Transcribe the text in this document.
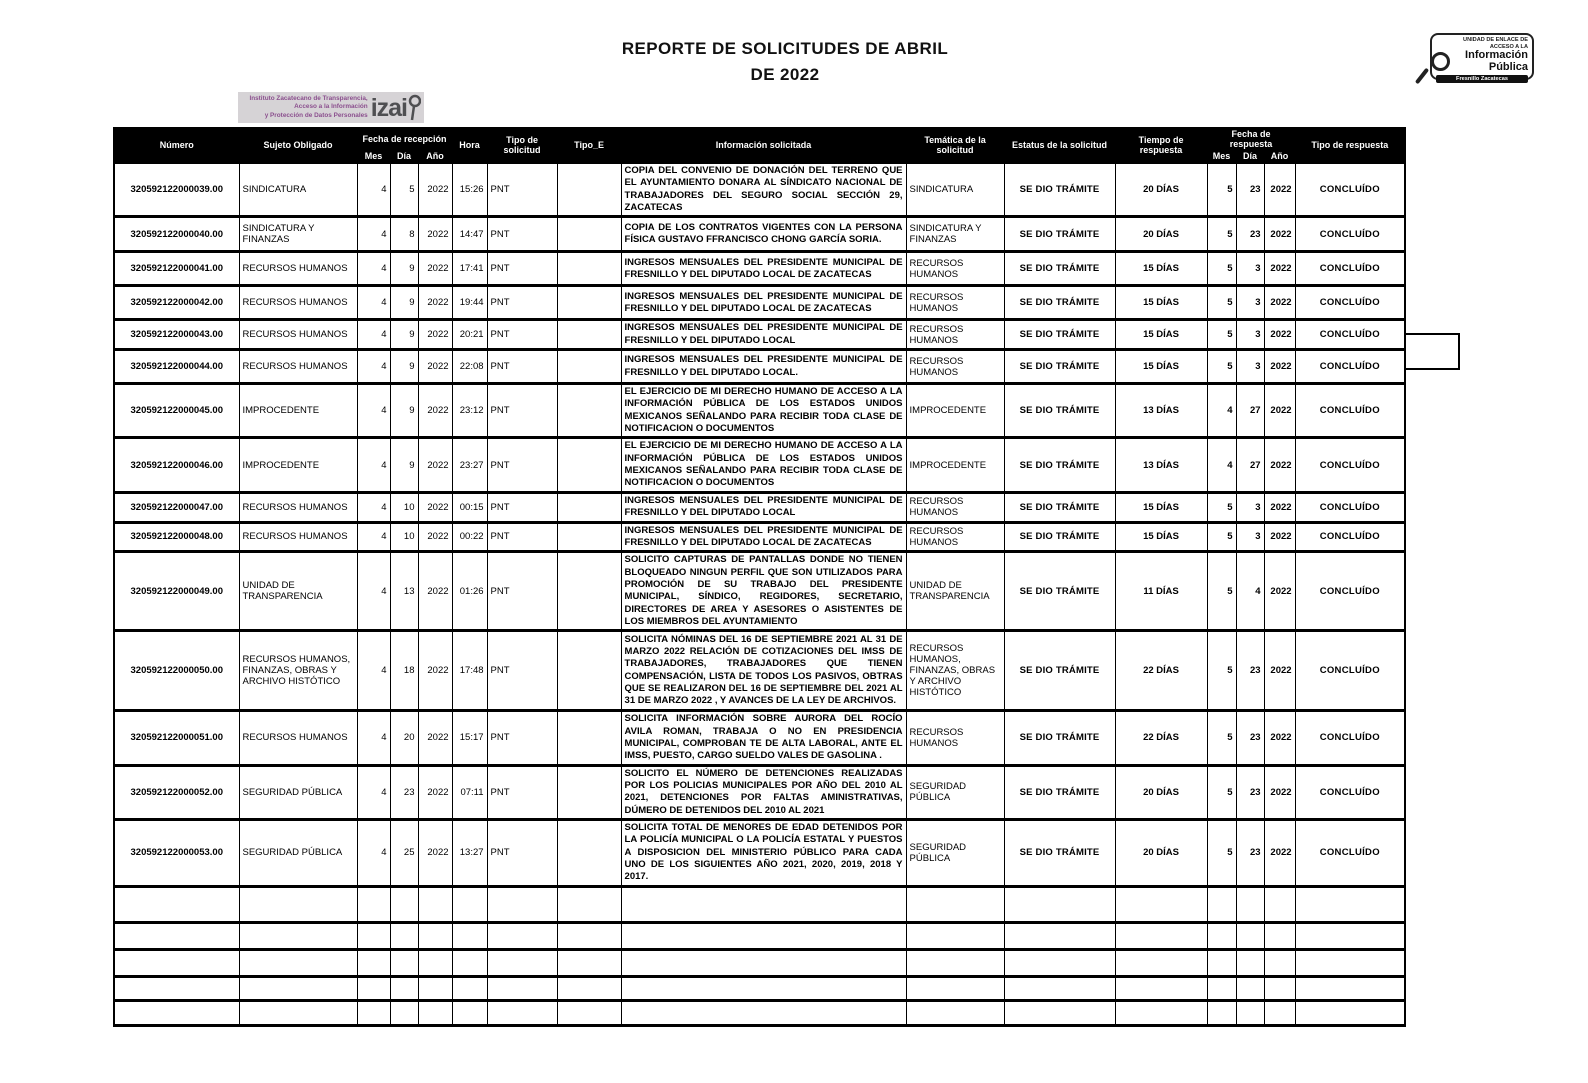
REPORTE DE SOLICITUDES DE ABRIL
DE 2022
UNIDAD DE ENLACE DE
ACCESO A LA
Información
Pública
Fresnillo Zacatecas
Instituto Zacatecano de Transparencia,
Acceso a la Información
y Protección de Datos Personales izai
Número	Sujeto Obligado	Fecha de recepción			Hora	Tipo de solicitud	Tipo_E	Información solicitada	Temática de la solicitud	Estatus de la solicitud	Tiempo de respuesta	Fecha de respuesta			Tipo de respuesta
		Mes	Día	Año								Mes	Día	Año	
320592122000039.00	SINDICATURA	4	5	2022	15:26	PNT		COPIA DEL CONVENIO DE DONACIÓN DEL TERRENO QUE EL AYUNTAMIENTO DONARA AL SÍNDICATO NACIONAL DE TRABAJADORES DEL SEGURO SOCIAL SECCIÓN 29, ZACATECAS	SINDICATURA	SE DIO TRÁMITE	20 DÍAS	5	23	2022	CONCLUÍDO
320592122000040.00	SINDICATURA Y FINANZAS	4	8	2022	14:47	PNT		COPIA DE LOS CONTRATOS VIGENTES CON LA PERSONA FÍSICA GUSTAVO FFRANCISCO CHONG GARCÍA SORIA.	SINDICATURA Y FINANZAS	SE DIO TRÁMITE	20 DÍAS	5	23	2022	CONCLUÍDO
320592122000041.00	RECURSOS HUMANOS	4	9	2022	17:41	PNT		INGRESOS MENSUALES DEL PRESIDENTE MUNICIPAL DE FRESNILLO Y DEL DIPUTADO LOCAL DE ZACATECAS	RECURSOS HUMANOS	SE DIO TRÁMITE	15 DÍAS	5	3	2022	CONCLUÍDO
320592122000042.00	RECURSOS HUMANOS	4	9	2022	19:44	PNT		INGRESOS MENSUALES DEL PRESIDENTE MUNICIPAL DE FRESNILLO Y DEL DIPUTADO LOCAL DE ZACATECAS	RECURSOS HUMANOS	SE DIO TRÁMITE	15 DÍAS	5	3	2022	CONCLUÍDO
320592122000043.00	RECURSOS HUMANOS	4	9	2022	20:21	PNT		INGRESOS MENSUALES DEL PRESIDENTE MUNICIPAL DE FRESNILLO Y DEL DIPUTADO LOCAL	RECURSOS HUMANOS	SE DIO TRÁMITE	15 DÍAS	5	3	2022	CONCLUÍDO
320592122000044.00	RECURSOS HUMANOS	4	9	2022	22:08	PNT		INGRESOS MENSUALES DEL PRESIDENTE MUNICIPAL DE FRESNILLO Y DEL DIPUTADO LOCAL.	RECURSOS HUMANOS	SE DIO TRÁMITE	15 DÍAS	5	3	2022	CONCLUÍDO
320592122000045.00	IMPROCEDENTE	4	9	2022	23:12	PNT		EL EJERCICIO DE MI DERECHO HUMANO DE ACCESO A LA INFORMACIÓN PÚBLICA DE LOS ESTADOS UNIDOS MEXICANOS SEÑALANDO PARA RECIBIR TODA CLASE DE NOTIFICACION O DOCUMENTOS	IMPROCEDENTE	SE DIO TRÁMITE	13 DÍAS	4	27	2022	CONCLUÍDO
320592122000046.00	IMPROCEDENTE	4	9	2022	23:27	PNT		EL EJERCICIO DE MI DERECHO HUMANO DE ACCESO A LA INFORMACIÓN PÚBLICA DE LOS ESTADOS UNIDOS MEXICANOS SEÑALANDO PARA RECIBIR TODA CLASE DE NOTIFICACION O DOCUMENTOS	IMPROCEDENTE	SE DIO TRÁMITE	13 DÍAS	4	27	2022	CONCLUÍDO
320592122000047.00	RECURSOS HUMANOS	4	10	2022	00:15	PNT		INGRESOS MENSUALES DEL PRESIDENTE MUNICIPAL DE FRESNILLO Y DEL DIPUTADO LOCAL	RECURSOS HUMANOS	SE DIO TRÁMITE	15 DÍAS	5	3	2022	CONCLUÍDO
320592122000048.00	RECURSOS HUMANOS	4	10	2022	00:22	PNT		INGRESOS MENSUALES DEL PRESIDENTE MUNICIPAL DE FRESNILLO Y DEL DIPUTADO LOCAL DE ZACATECAS	RECURSOS HUMANOS	SE DIO TRÁMITE	15 DÍAS	5	3	2022	CONCLUÍDO
320592122000049.00	UNIDAD DE TRANSPARENCIA	4	13	2022	01:26	PNT		SOLICITO CAPTURAS DE PANTALLAS DONDE NO TIENEN BLOQUEADO NINGUN PERFIL QUE SON UTILIZADOS PARA PROMOCIÓN DE SU TRABAJO DEL PRESIDENTE MUNICIPAL, SÍNDICO, REGIDORES, SECRETARIO, DIRECTORES DE AREA Y ASESORES O ASISTENTES DE LOS MIEMBROS DEL AYUNTAMIENTO	UNIDAD DE TRANSPARENCIA	SE DIO TRÁMITE	11 DÍAS	5	4	2022	CONCLUÍDO
320592122000050.00	RECURSOS HUMANOS, FINANZAS, OBRAS Y ARCHIVO HISTÓTICO	4	18	2022	17:48	PNT		SOLICITA NÓMINAS DEL 16 DE SEPTIEMBRE 2021 AL 31 DE MARZO 2022 RELACIÓN DE COTIZACIONES DEL IMSS DE TRABAJADORES, TRABAJADORES QUE TIENEN COMPENSACIÓN, LISTA DE TODOS LOS PASIVOS, OBTRAS QUE SE REALIZARON DEL 16 DE SEPTIEMBRE DEL 2021 AL 31 DE MARZO 2022 , Y AVANCES DE LA LEY DE ARCHIVOS.	RECURSOS HUMANOS, FINANZAS, OBRAS Y ARCHIVO HISTÓTICO	SE DIO TRÁMITE	22 DÍAS	5	23	2022	CONCLUÍDO
320592122000051.00	RECURSOS HUMANOS	4	20	2022	15:17	PNT		SOLICITA INFORMACIÓN SOBRE AURORA DEL ROCÍO AVILA ROMAN, TRABAJA O NO EN PRESIDENCIA MUNICIPAL, COMPROBAN TE DE ALTA LABORAL, ANTE EL IMSS, PUESTO, CARGO SUELDO VALES DE GASOLINA .	RECURSOS HUMANOS	SE DIO TRÁMITE	22 DÍAS	5	23	2022	CONCLUÍDO
320592122000052.00	SEGURIDAD PÚBLICA	4	23	2022	07:11	PNT		SOLICITO EL NÚMERO DE DETENCIONES REALIZADAS POR LOS POLICIAS MUNICIPALES POR AÑO DEL 2010 AL 2021, DETENCIONES POR FALTAS AMINISTRATIVAS, DÚMERO DE DETENIDOS DEL 2010 AL 2021	SEGURIDAD PÚBLICA	SE DIO TRÁMITE	20 DÍAS	5	23	2022	CONCLUÍDO
320592122000053.00	SEGURIDAD PÚBLICA	4	25	2022	13:27	PNT		SOLICITA TOTAL DE MENORES DE EDAD DETENIDOS POR LA POLICÍA MUNICIPAL O LA POLICÍA ESTATAL Y PUESTOS A DISPOSICION DEL MINISTERIO PÚBLICO PARA CADA UNO DE LOS SIGUIENTES AÑO 2021, 2020, 2019, 2018 Y 2017.	SEGURIDAD PÚBLICA	SE DIO TRÁMITE	20 DÍAS	5	23	2022	CONCLUÍDO
